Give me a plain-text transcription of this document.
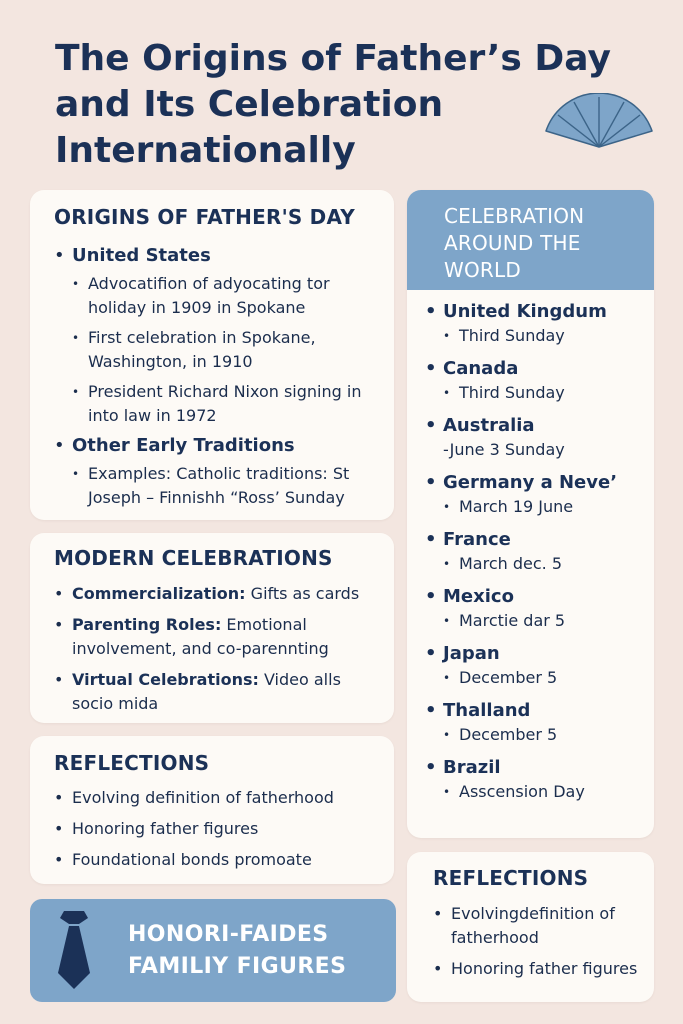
The Origins of Father’s Day and Its Celebration Internationally
ORIGINS OF FATHER'S DAY
• United States
• Advocatifion of adyocating tor holiday in 1909 in Spokane
• First celebration in Spokane, Washington, in 1910
• President Richard Nixon signing in into law in 1972
• Other Early Traditions
• Examples: Catholic traditions: St Joseph – Finnishh “Ross’ Sunday
MODERN CELEBRATIONS
• Commercialization: Gifts as cards
• Parenting Roles: Emotional involvement, and co-parennting
• Virtual Celebrations: Video alls socio mida
REFLECTIONS
• Evolving definition of fatherhood
• Honoring father figures
• Foundational bonds promoate
HONORI-FAIDES FAMILIY FIGURES
CELEBRATION AROUND THE WORLD
• United Kingdum
• Third Sunday
• Canada
• Third Sunday
• Australia
-June 3 Sunday
• Germany a Neve’
• March 19 June
• France
• March dec. 5
• Mexico
• Marctie dar 5
• Japan
• December 5
• Thalland
• December 5
• Brazil
• Asscension Day
REFLECTIONS
• Evolvingdefinition of fatherhood
• Honoring father figures
